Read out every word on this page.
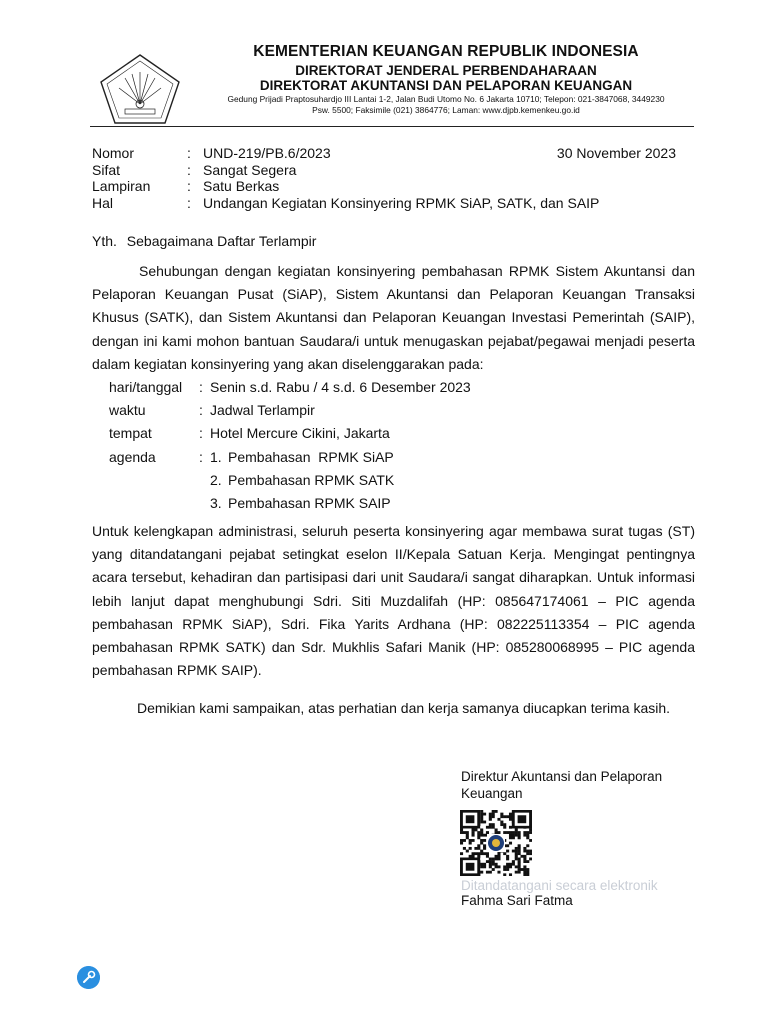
KEMENTERIAN KEUANGAN REPUBLIK INDONESIA
DIREKTORAT JENDERAL PERBENDAHARAAN
DIREKTORAT AKUNTANSI DAN PELAPORAN KEUANGAN
Gedung Prijadi Praptosuhardjo III Lantai 1-2, Jalan Budi Utomo No. 6 Jakarta 10710; Telepon: 021-3847068, 3449230
Psw. 5500; Faksimile (021) 3864776; Laman: www.djpb.kemenkeu.go.id
Nomor	: UND-219/PB.6/2023
Sifat	: Sangat Segera
Lampiran	: Satu Berkas
Hal	: Undangan Kegiatan Konsinyering RPMK SiAP, SATK, dan SAIP
30 November 2023
Yth. Sebagaimana Daftar Terlampir
Sehubungan dengan kegiatan konsinyering pembahasan RPMK Sistem Akuntansi dan Pelaporan Keuangan Pusat (SiAP), Sistem Akuntansi dan Pelaporan Keuangan Transaksi Khusus (SATK), dan Sistem Akuntansi dan Pelaporan Keuangan Investasi Pemerintah (SAIP), dengan ini kami mohon bantuan Saudara/i untuk menugaskan pejabat/pegawai menjadi peserta dalam kegiatan konsinyering yang akan diselenggarakan pada:
hari/tanggal	: Senin s.d. Rabu / 4 s.d. 6 Desember 2023
waktu	: Jadwal Terlampir
tempat	: Hotel Mercure Cikini, Jakarta
agenda	: 1. Pembahasan  RPMK SiAP
2. Pembahasan RPMK SATK
3. Pembahasan RPMK SAIP
Untuk kelengkapan administrasi, seluruh peserta konsinyering agar membawa surat tugas (ST) yang ditandatangani pejabat setingkat eselon II/Kepala Satuan Kerja. Mengingat pentingnya acara tersebut, kehadiran dan partisipasi dari unit Saudara/i sangat diharapkan. Untuk informasi lebih lanjut dapat menghubungi Sdri. Siti Muzdalifah (HP: 085647174061 – PIC agenda pembahasan RPMK SiAP), Sdri. Fika Yarits Ardhana (HP: 082225113354 – PIC agenda pembahasan RPMK SATK) dan Sdr. Mukhlis Safari Manik (HP: 085280068995 – PIC agenda pembahasan RPMK SAIP).
Demikian kami sampaikan, atas perhatian dan kerja samanya diucapkan terima kasih.
Direktur Akuntansi dan Pelaporan Keuangan
Ditandatangani secara elektronik
Fahma Sari Fatma
